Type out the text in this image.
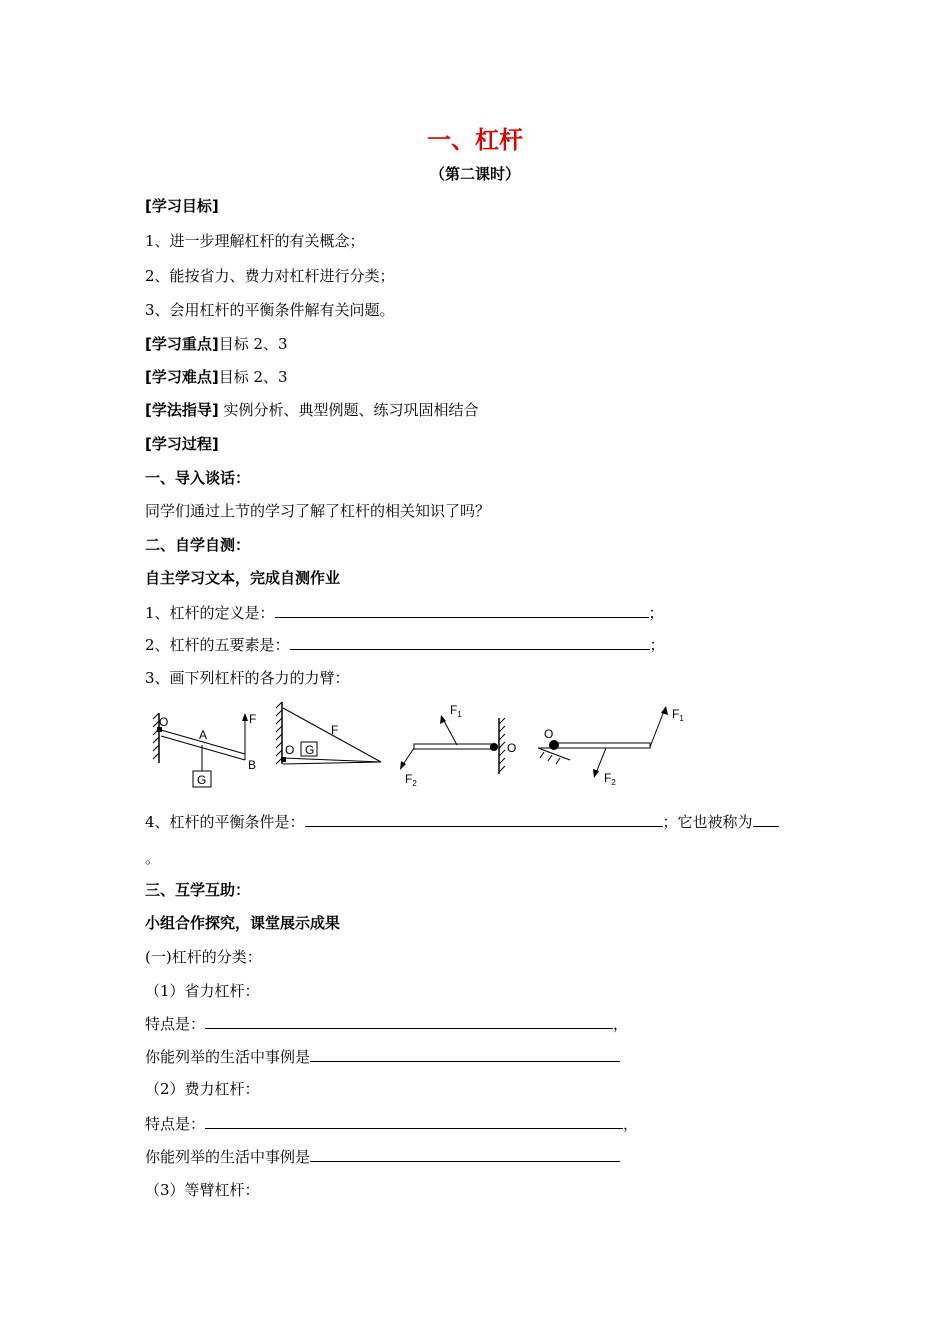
一、杠杆
（第二课时）
[学习目标]
1、进一步理解杠杆的有关概念；
2、能按省力、费力对杠杆进行分类；
3、会用杠杆的平衡条件解有关问题。
[学习重点]目标 2、3
[学习难点]目标 2、3
[学法指导] 实例分析、典型例题、练习巩固相结合
[学习过程]
一、导入谈话：
同学们通过上节的学习了解了杠杆的相关知识了吗？
二、自学自测：
自主学习文本，完成自测作业
1、杠杆的定义是：	；
2、杠杆的五要素是：	；
3、画下列杠杆的各力的力臂：
O
A
B
F
G
O G
F
$F_1$
$F_2$
O
O
$F_1$
$F_2$
4、杠杆的平衡条件是：	；它也被称为
。
三、互学互助：
小组合作探究，课堂展示成果
(一)杠杆的分类：
（1）省力杠杆：
特点是：	，
你能列举的生活中事例是
（2）费力杠杆：
特点是：	，
你能列举的生活中事例是
（3）等臂杠杆：
